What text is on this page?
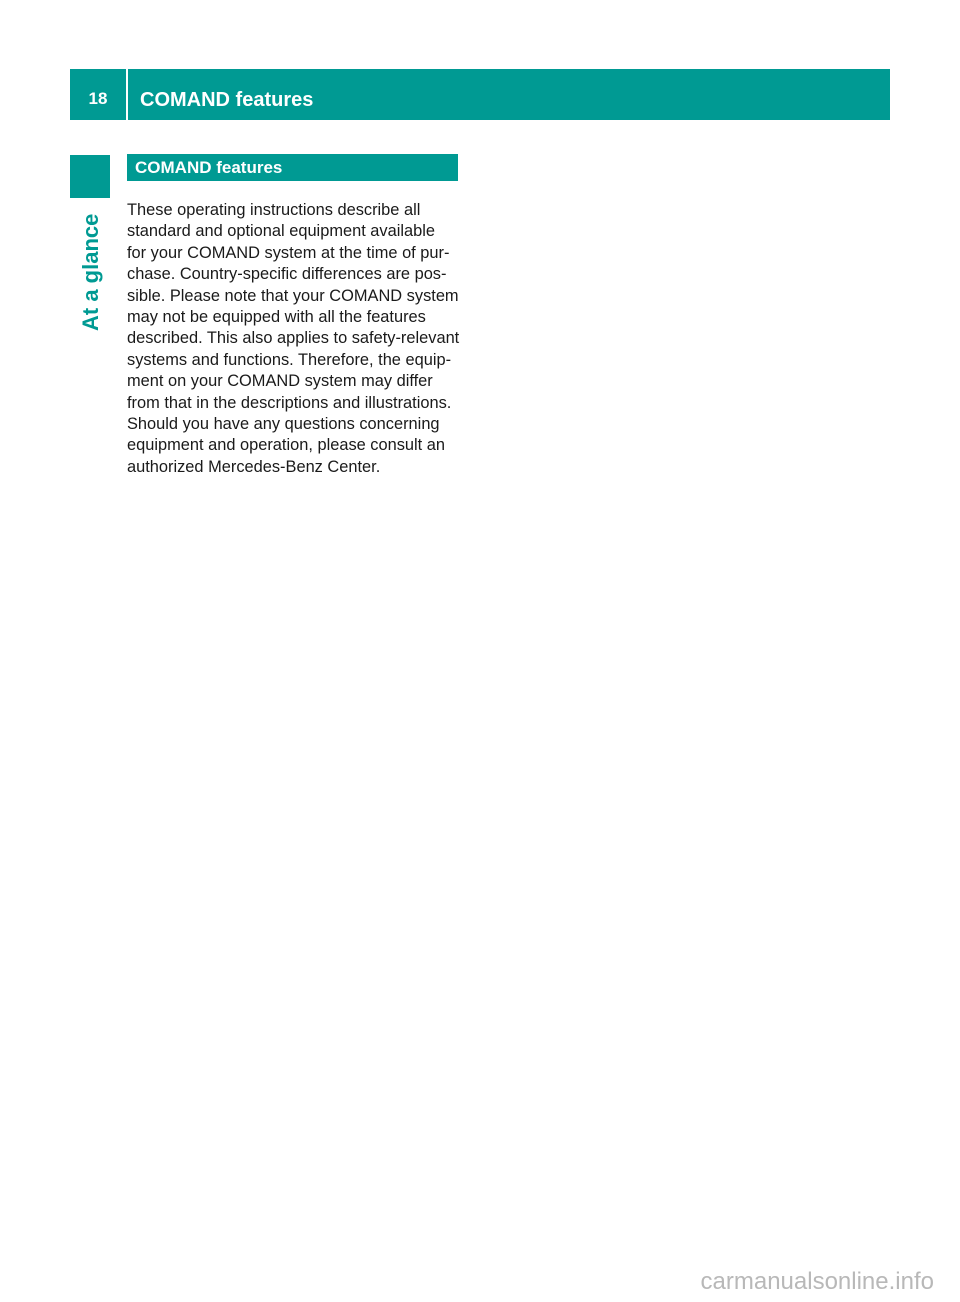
18	COMAND features
At a glance
COMAND features
These operating instructions describe all
standard and optional equipment available
for your COMAND system at the time of pur-
chase. Country-specific differences are pos-
sible. Please note that your COMAND system
may not be equipped with all the features
described. This also applies to safety-relevant
systems and functions. Therefore, the equip-
ment on your COMAND system may differ
from that in the descriptions and illustrations.
Should you have any questions concerning
equipment and operation, please consult an
authorized Mercedes-Benz Center.
carmanualsonline.info
